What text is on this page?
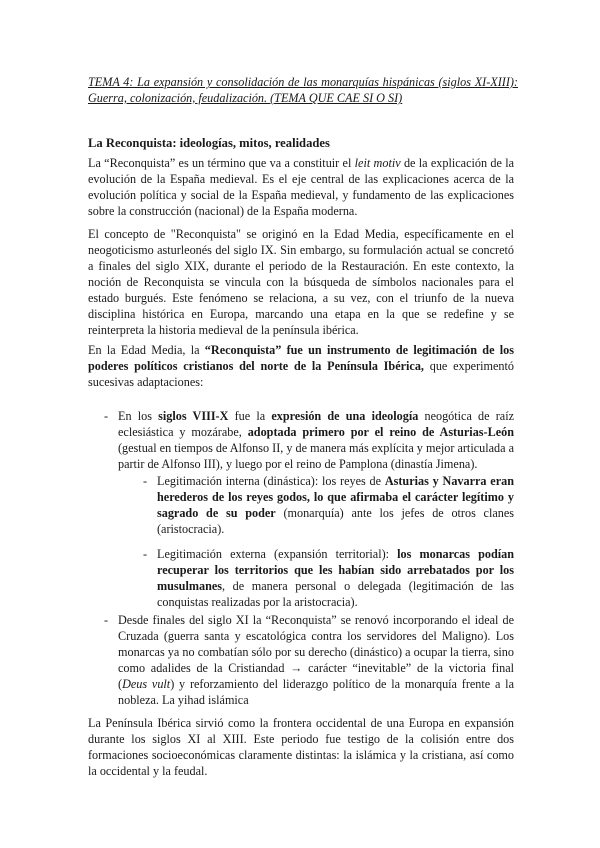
TEMA 4: La expansión y consolidación de las monarquías hispánicas (siglos XI-XIII): Guerra, colonización, feudalización. (TEMA QUE CAE SI O SI)
La Reconquista: ideologías, mitos, realidades
La “Reconquista” es un término que va a constituir el leit motiv de la explicación de la evolución de la España medieval. Es el eje central de las explicaciones acerca de la evolución política y social de la España medieval, y fundamento de las explicaciones sobre la construcción (nacional) de la España moderna.
El concepto de "Reconquista" se originó en la Edad Media, específicamente en el neogoticismo asturleonés del siglo IX. Sin embargo, su formulación actual se concretó a finales del siglo XIX, durante el periodo de la Restauración. En este contexto, la noción de Reconquista se vincula con la búsqueda de símbolos nacionales para el estado burgués. Este fenómeno se relaciona, a su vez, con el triunfo de la nueva disciplina histórica en Europa, marcando una etapa en la que se redefine y se reinterpreta la historia medieval de la península ibérica.
En la Edad Media, la “Reconquista” fue un instrumento de legitimación de los poderes políticos cristianos del norte de la Península Ibérica, que experimentó sucesivas adaptaciones:
- En los siglos VIII-X fue la expresión de una ideología neogótica de raíz eclesiástica y mozárabe, adoptada primero por el reino de Asturias-León (gestual en tiempos de Alfonso II, y de manera más explícita y mejor articulada a partir de Alfonso III), y luego por el reino de Pamplona (dinastía Jimena).
- Legitimación interna (dinástica): los reyes de Asturias y Navarra eran herederos de los reyes godos, lo que afirmaba el carácter legítimo y sagrado de su poder (monarquía) ante los jefes de otros clanes (aristocracia).
- Legitimación externa (expansión territorial): los monarcas podían recuperar los territorios que les habían sido arrebatados por los musulmanes, de manera personal o delegada (legitimación de las conquistas realizadas por la aristocracia).
- Desde finales del siglo XI la “Reconquista” se renovó incorporando el ideal de Cruzada (guerra santa y escatológica contra los servidores del Maligno). Los monarcas ya no combatían sólo por su derecho (dinástico) a ocupar la tierra, sino como adalides de la Cristiandad → carácter “inevitable” de la victoria final (Deus vult) y reforzamiento del liderazgo político de la monarquía frente a la nobleza. La yihad islámica
La Península Ibérica sirvió como la frontera occidental de una Europa en expansión durante los siglos XI al XIII. Este periodo fue testigo de la colisión entre dos formaciones socioeconómicas claramente distintas: la islámica y la cristiana, así como la occidental y la feudal.
